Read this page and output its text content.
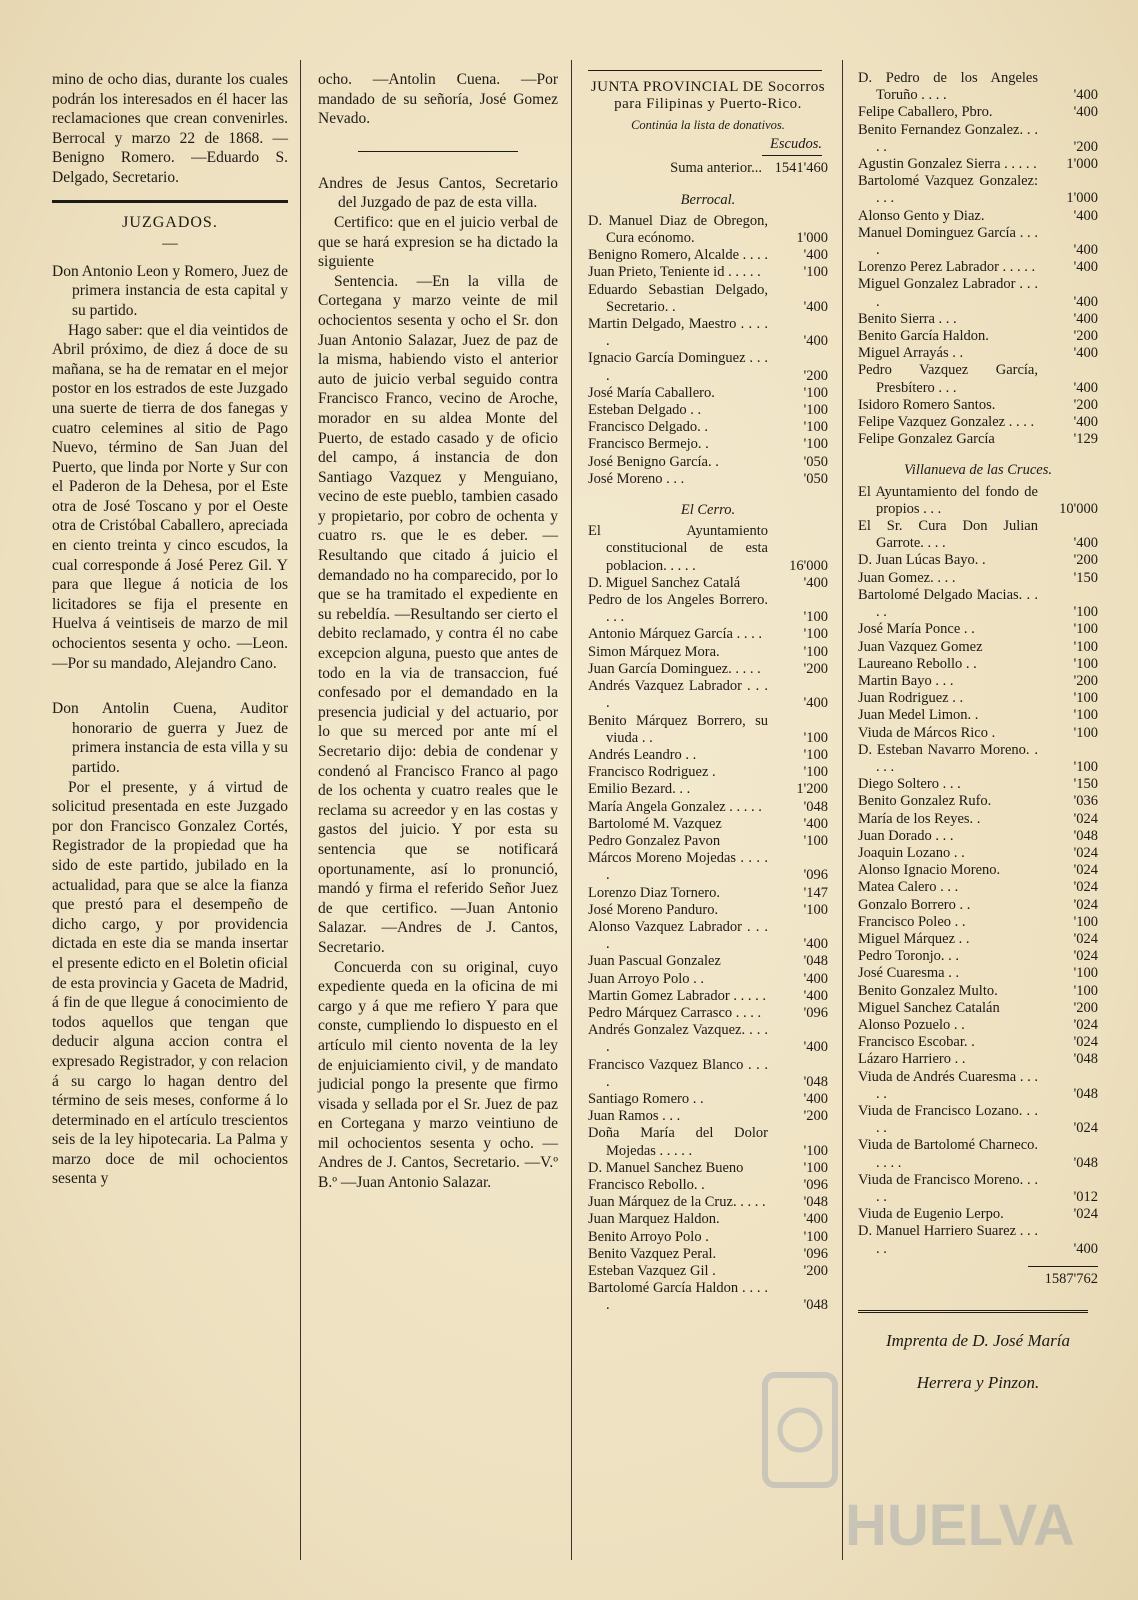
mino de ocho dias, durante los cuales podrán los interesados en él hacer las reclamaciones que crean convenirles. Berrocal y marzo 22 de 1868. —Benigno Romero. —Eduardo S. Delgado, Secretario.

JUZGADOS.
—

Don Antonio Leon y Romero, Juez de primera instancia de esta capital y su partido.

Hago saber: que el dia veintidos de Abril próximo, de diez á doce de su mañana, se ha de rematar en el mejor postor en los estrados de este Juzgado una suerte de tierra de dos fanegas y cuatro celemines al sitio de Pago Nuevo, término de San Juan del Puerto, que linda por Norte y Sur con el Paderon de la Dehesa, por el Este otra de José Toscano y por el Oeste otra de Cristóbal Caballero, apreciada en ciento treinta y cinco escudos, la cual corresponde á José Perez Gil. Y para que llegue á noticia de los licitadores se fija el presente en Huelva á veintiseis de marzo de mil ochocientos sesenta y ocho. —Leon. —Por su mandado, Alejandro Cano.

Don Antolin Cuena, Auditor honorario de guerra y Juez de primera instancia de esta villa y su partido.

Por el presente, y á virtud de solicitud presentada en este Juzgado por don Francisco Gonzalez Cortés, Registrador de la propiedad que ha sido de este partido, jubilado en la actualidad, para que se alce la fianza que prestó para el desempeño de dicho cargo, y por providencia dictada en este dia se manda insertar el presente edicto en el Boletin oficial de esta provincia y Gaceta de Madrid, á fin de que llegue á conocimiento de todos aquellos que tengan que deducir alguna accion contra el expresado Registrador, y con relacion á su cargo lo hagan dentro del término de seis meses, conforme á lo determinado en el artículo trescientos seis de la ley hipotecaria. La Palma y marzo doce de mil ochocientos sesenta y

ocho. —Antolin Cuena. —Por mandado de su señoría, José Gomez Nevado.

Andres de Jesus Cantos, Secretario del Juzgado de paz de esta villa.

Certifico: que en el juicio verbal de que se hará expresion se ha dictado la siguiente

Sentencia. —En la villa de Cortegana y marzo veinte de mil ochocientos sesenta y ocho el Sr. don Juan Antonio Salazar, Juez de paz de la misma, habiendo visto el anterior auto de juicio verbal seguido contra Francisco Franco, vecino de Aroche, morador en su aldea Monte del Puerto, de estado casado y de oficio del campo, á instancia de don Santiago Vazquez y Menguiano, vecino de este pueblo, tambien casado y propietario, por cobro de ochenta y cuatro rs. que le es deber. —Resultando que citado á juicio el demandado no ha comparecido, por lo que se ha tramitado el expediente en su rebeldía. —Resultando ser cierto el debito reclamado, y contra él no cabe excepcion alguna, puesto que antes de todo en la via de transaccion, fué confesado por el demandado en la presencia judicial y del actuario, por lo que su merced por ante mí el Secretario dijo: debia de condenar y condenó al Francisco Franco al pago de los ochenta y cuatro reales que le reclama su acreedor y en las costas y gastos del juicio. Y por esta su sentencia que se notificará oportunamente, así lo pronunció, mandó y firma el referido Señor Juez de que certifico. —Juan Antonio Salazar. —Andres de J. Cantos, Secretario.

Concuerda con su original, cuyo expediente queda en la oficina de mi cargo y á que me refiero Y para que conste, cumpliendo lo dispuesto en el artículo mil ciento noventa de la ley de enjuiciamiento civil, y de mandato judicial pongo la presente que firmo visada y sellada por el Sr. Juez de paz en Cortegana y marzo veintiuno de mil ochocientos sesenta y ocho. —Andres de J. Cantos, Secretario. —V.º B.º —Juan Antonio Salazar.

JUNTA PROVINCIAL DE Socorros para Filipinas y Puerto-Rico.
Continúa la lista de donativos.
Escudos.
Suma anterior... 1541'460
Berrocal.
D. Manuel Diaz de Obregon, Cura ecónomo.	1'000
Benigno Romero, Alcalde . . . .	'400
Juan Prieto, Teniente id . . . . .	'100
Eduardo Sebastian Delgado, Secretario. .	'400
Martin Delgado, Maestro . . . . .	'400
Ignacio García Dominguez . . . .	'200
José María Caballero.	'100
Esteban Delgado . .	'100
Francisco Delgado. .	'100
Francisco Bermejo. .	'100
José Benigno García. .	'050
José Moreno . . .	'050
El Cerro.
El Ayuntamiento constitucional de esta poblacion. . . . .	16'000
D. Miguel Sanchez Catalá	'400
Pedro de los Angeles Borrero. . . .	'100
Antonio Márquez García . . . .	'100
Simon Márquez Mora.	'100
Juan García Dominguez. . . . .	'200
Andrés Vazquez Labrador . . . .	'400
Benito Márquez Borrero, su viuda . .	'100
Andrés Leandro . .	'100
Francisco Rodriguez .	'100
Emilio Bezard. . .	1'200
María Angela Gonzalez . . . . .	'048
Bartolomé M. Vazquez	'400
Pedro Gonzalez Pavon	'100
Márcos Moreno Mojedas . . . . .	'096
Lorenzo Diaz Tornero.	'147
José Moreno Panduro.	'100
Alonso Vazquez Labrador . . . .	'400
Juan Pascual Gonzalez	'048
Juan Arroyo Polo . .	'400
Martin Gomez Labrador . . . . .	'400
Pedro Márquez Carrasco . . . .	'096
Andrés Gonzalez Vazquez. . . . .	'400
Francisco Vazquez Blanco . . . .	'048
Santiago Romero . .	'400
Juan Ramos . . .	'200
Doña María del Dolor Mojedas . . . . .	'100
D. Manuel Sanchez Bueno	'100
Francisco Rebollo. .	'096
Juan Márquez de la Cruz. . . . .	'048
Juan Marquez Haldon.	'400
Benito Arroyo Polo .	'100
Benito Vazquez Peral.	'096
Esteban Vazquez Gil .	'200
Bartolomé García Haldon . . . . .	'048
D. Pedro de los Angeles Toruño . . . .	'400
Felipe Caballero, Pbro.	'400
Benito Fernandez Gonzalez. . . . .	'200
Agustin Gonzalez Sierra . . . . .	1'000
Bartolomé Vazquez Gonzalez: . . .	1'000
Alonso Gento y Diaz.	'400
Manuel Dominguez García . . . .	'400
Lorenzo Perez Labrador . . . . .	'400
Miguel Gonzalez Labrador . . . .	'400
Benito Sierra . . .	'400
Benito García Haldon.	'200
Miguel Arrayás . .	'400
Pedro Vazquez García, Presbítero . . .	'400
Isidoro Romero Santos.	'200
Felipe Vazquez Gonzalez . . . .	'400
Felipe Gonzalez García	'129
Villanueva de las Cruces.
El Ayuntamiento del fondo de propios . . .	10'000
El Sr. Cura Don Julian Garrote. . . .	'400
D. Juan Lúcas Bayo. .	'200
Juan Gomez. . . .	'150
Bartolomé Delgado Macias. . . . .	'100
José María Ponce . .	'100
Juan Vazquez Gomez	'100
Laureano Rebollo . .	'100
Martin Bayo . . .	'200
Juan Rodriguez . .	'100
Juan Medel Limon. .	'100
Viuda de Márcos Rico .	'100
D. Esteban Navarro Moreno. . . . .	'100
Diego Soltero . . .	'150
Benito Gonzalez Rufo.	'036
María de los Reyes. .	'024
Juan Dorado . . .	'048
Joaquin Lozano . .	'024
Alonso Ignacio Moreno.	'024
Matea Calero . . .	'024
Gonzalo Borrero . .	'024
Francisco Poleo . .	'100
Miguel Márquez . .	'024
Pedro Toronjo. . .	'024
José Cuaresma . .	'100
Benito Gonzalez Multo.	'100
Miguel Sanchez Catalán	'200
Alonso Pozuelo . .	'024
Francisco Escobar. .	'024
Lázaro Harriero . .	'048
Viuda de Andrés Cuaresma . . . . .	'048
Viuda de Francisco Lozano. . . . .	'024
Viuda de Bartolomé Charneco. . . . .	'048
Viuda de Francisco Moreno. . . . .	'012
Viuda de Eugenio Lerpo.	'024
D. Manuel Harriero Suarez . . . . .	'400
1587'762
Imprenta de D. José María
Herrera y Pinzon.
HUELVA
